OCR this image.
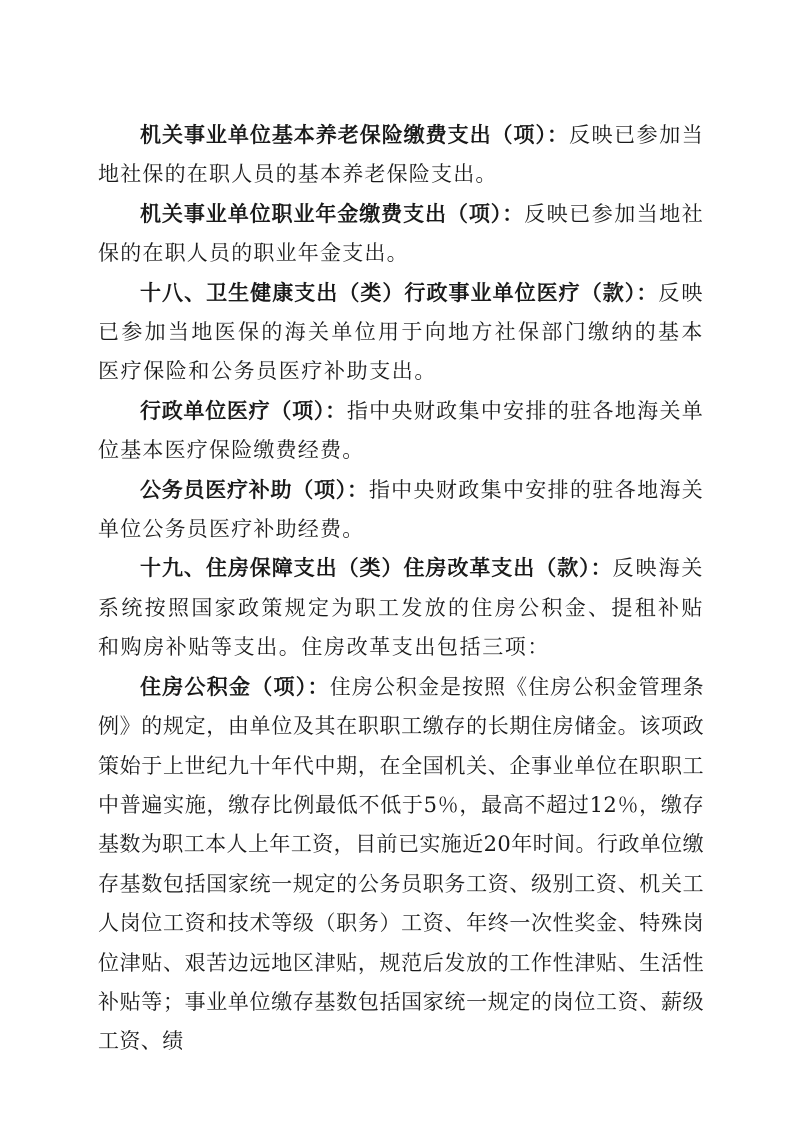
机关事业单位基本养老保险缴费支出（项）：反映已参加当地社保的在职人员的基本养老保险支出。

机关事业单位职业年金缴费支出（项）：反映已参加当地社保的在职人员的职业年金支出。

十八、卫生健康支出（类）行政事业单位医疗（款）：反映已参加当地医保的海关单位用于向地方社保部门缴纳的基本医疗保险和公务员医疗补助支出。

行政单位医疗（项）：指中央财政集中安排的驻各地海关单位基本医疗保险缴费经费。

公务员医疗补助（项）：指中央财政集中安排的驻各地海关单位公务员医疗补助经费。

十九、住房保障支出（类）住房改革支出（款）：反映海关系统按照国家政策规定为职工发放的住房公积金、提租补贴和购房补贴等支出。住房改革支出包括三项：

住房公积金（项）：住房公积金是按照《住房公积金管理条例》的规定，由单位及其在职职工缴存的长期住房储金。该项政策始于上世纪九十年代中期，在全国机关、企事业单位在职职工中普遍实施，缴存比例最低不低于5％，最高不超过12％，缴存基数为职工本人上年工资，目前已实施近20年时间。行政单位缴存基数包括国家统一规定的公务员职务工资、级别工资、机关工人岗位工资和技术等级（职务）工资、年终一次性奖金、特殊岗位津贴、艰苦边远地区津贴，规范后发放的工作性津贴、生活性补贴等；事业单位缴存基数包括国家统一规定的岗位工资、薪级工资、绩
